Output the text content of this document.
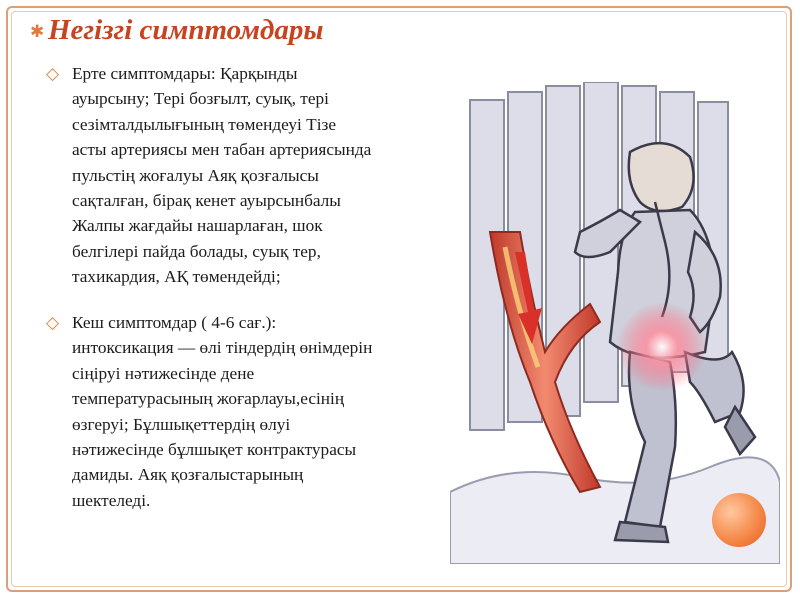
✱ Негізгі симптомдары
◇ Ерте симптомдары: Қарқынды
ауырсыну; Тері бозғылт, суық, тері
сезімталдылығының төмендеуі Тізе
асты артериясы мен табан артериясында
пульстің жоғалуы Аяқ қозғалысы
сақталған, бірақ кенет ауырсынбалы
Жалпы жағдайы нашарлаған, шок
белгілері пайда болады, суық тер,
тахикардия, АҚ төмендейді;

◇ Кеш симптомдар ( 4-6 сағ.):
интоксикация — өлі тіндердің өнімдерін
сіңіруі нәтижесінде дене
температурасының жоғарлауы,есінің
өзгеруі; Бұлшықеттердің өлуі
нәтижесінде бұлшықет контрактурасы
дамиды. Аяқ қозғалыстарының
шектеледі.
